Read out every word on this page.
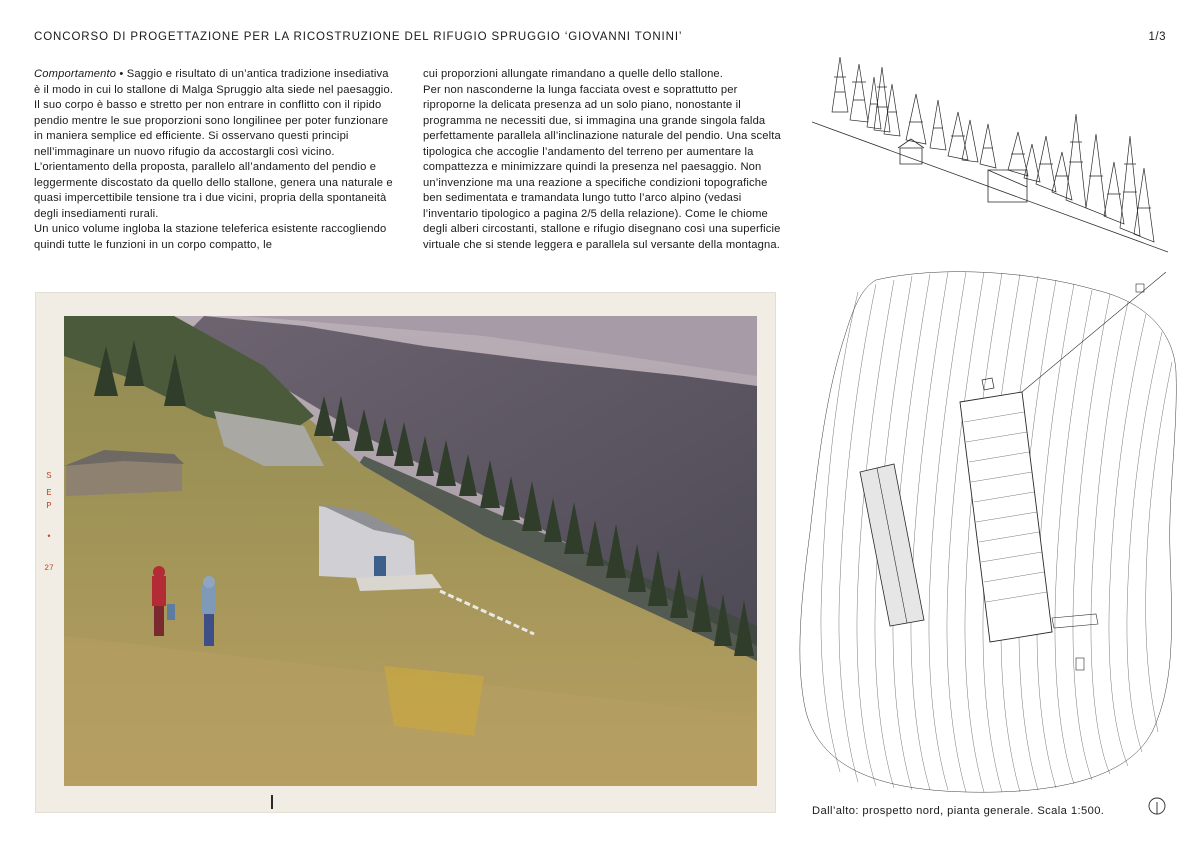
CONCORSO DI PROGETTAZIONE PER LA RICOSTRUZIONE DEL RIFUGIO SPRUGGIO ‘GIOVANNI TONINI’	1/3

Comportamento • Saggio e risultato di un’antica tradizione insediativa è il modo in cui lo stallone di Malga Spruggio alta siede nel paesaggio. Il suo corpo è basso e stretto per non entrare in conflitto con il ripido pendio mentre le sue proporzioni sono longilinee per poter funzionare in maniera semplice ed efficiente. Si osservano questi principi nell’immaginare un nuovo rifugio da accostargli così vicino.

L’orientamento della proposta, parallelo all’andamento del pendio e leggermente discostato da quello dello stallone, genera una naturale e quasi impercettibile tensione tra i due vicini, propria della spontaneità degli insediamenti rurali.

Un unico volume ingloba la stazione teleferica esistente raccogliendo quindi tutte le funzioni in un corpo compatto, le

cui proporzioni allungate rimandano a quelle dello stallone.

Per non nasconderne la lunga facciata ovest e soprattutto per riproporne la delicata presenza ad un solo piano, nonostante il programma ne necessiti due, si immagina una grande singola falda perfettamente parallela all’inclinazione naturale del pendio. Una scelta tipologica che accoglie l’andamento del terreno per aumentare la compattezza e minimizzare quindi la presenza nel paesaggio. Non un’invenzione ma una reazione a specifiche condizioni topografiche ben sedimentata e tramandata lungo tutto l’arco alpino (vedasi l’inventario tipologico a pagina 2/5 della relazione). Come le chiome degli alberi circostanti, stallone e rifugio disegnano così una superficie virtuale che si stende leggera e parallela sul versante della montagna.

S
E
P
•
27
Dall’alto: prospetto nord, pianta generale. Scala 1:500.
